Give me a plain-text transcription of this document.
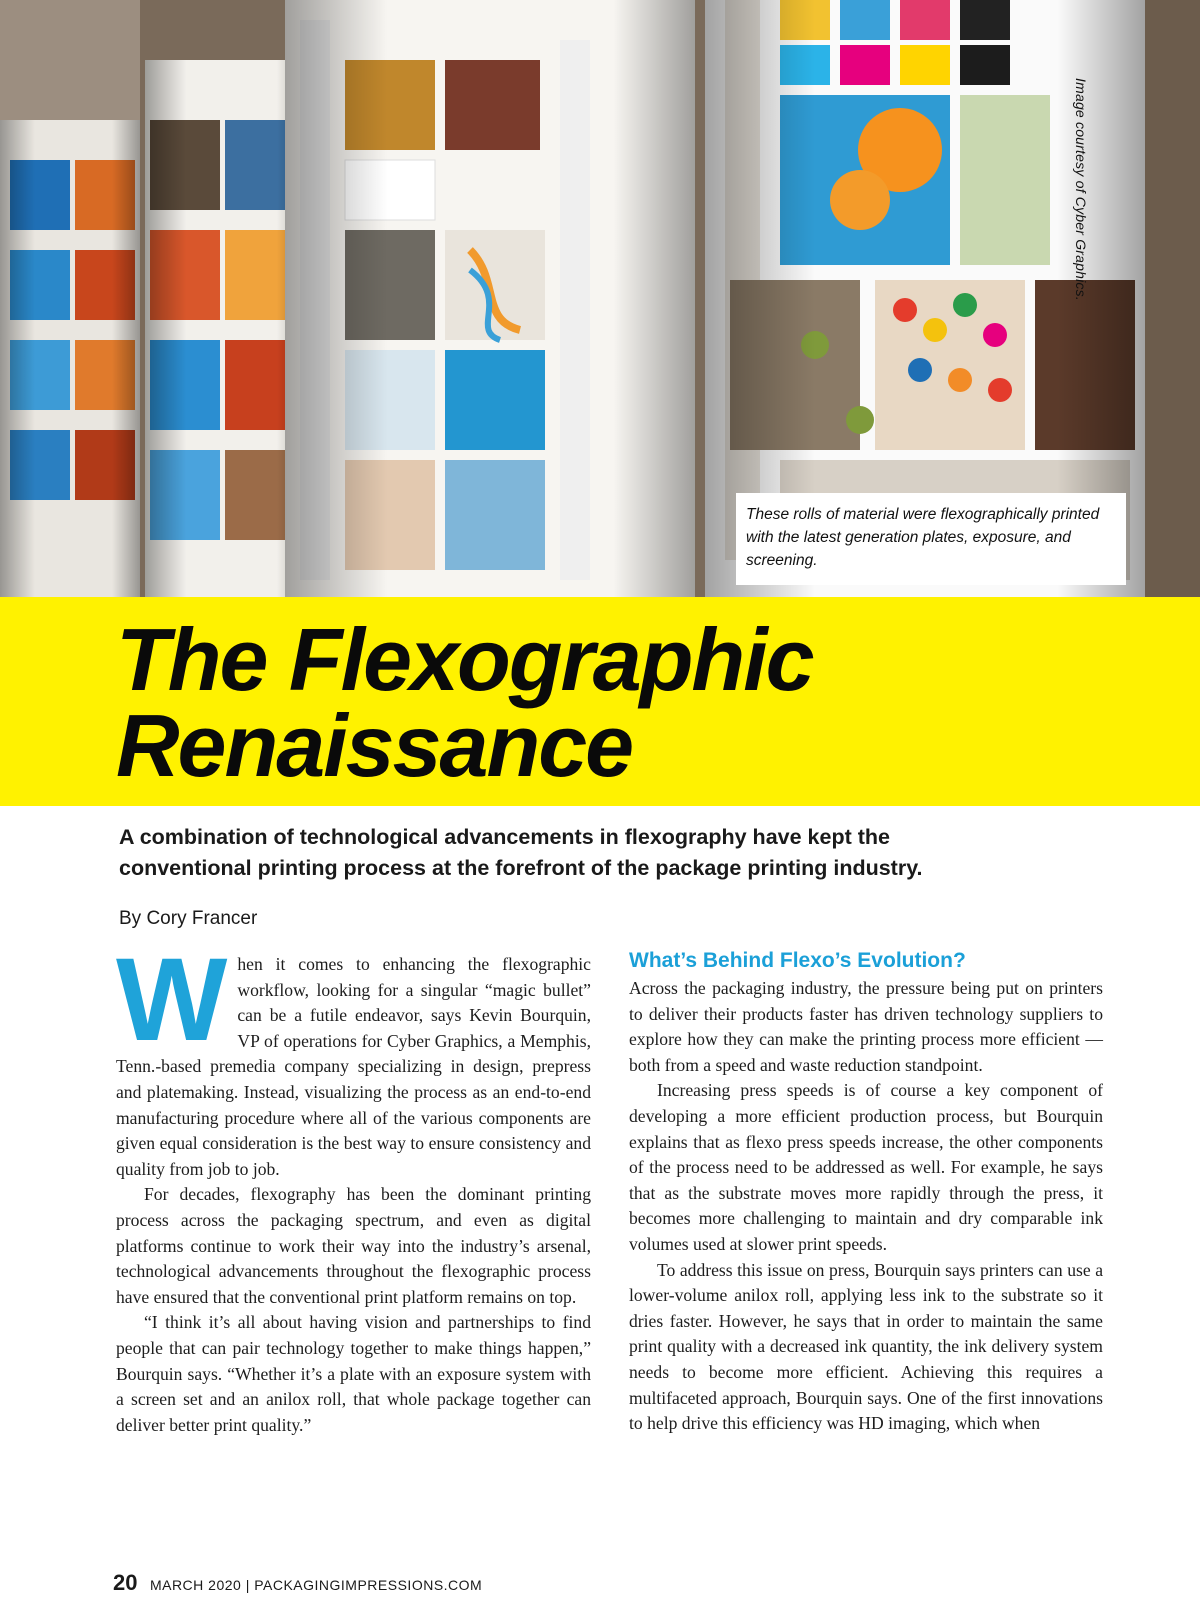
Image courtesy of Cyber Graphics.
These rolls of material were flexographically printed with the latest generation plates, exposure, and screening.
The Flexographic
Renaissance

A combination of technological advancements in flexography have kept the
conventional printing process at the forefront of the package printing industry.

By Cory Francer

When it comes to enhancing the flexographic workflow, looking for a singular “magic bullet” can be a futile endeavor, says Kevin Bourquin, VP of operations for Cyber Graphics, a Memphis, Tenn.-based premedia company specializing in design, prepress and platemaking. Instead, visualizing the process as an end-to-end manufacturing procedure where all of the various components are given equal consideration is the best way to ensure consistency and quality from job to job.

For decades, flexography has been the dominant printing process across the packaging spectrum, and even as digital platforms continue to work their way into the industry’s arsenal, technological advancements throughout the flexographic process have ensured that the conventional print platform remains on top.

“I think it’s all about having vision and partnerships to find people that can pair technology together to make things happen,” Bourquin says. “Whether it’s a plate with an exposure system with a screen set and an anilox roll, that whole package together can deliver better print quality.”

What’s Behind Flexo’s Evolution?

Across the packaging industry, the pressure being put on printers to deliver their products faster has driven technology suppliers to explore how they can make the printing process more efficient — both from a speed and waste reduction standpoint.

Increasing press speeds is of course a key component of developing a more efficient production process, but Bourquin explains that as flexo press speeds increase, the other components of the process need to be addressed as well. For example, he says that as the substrate moves more rapidly through the press, it becomes more challenging to maintain and dry comparable ink volumes used at slower print speeds.

To address this issue on press, Bourquin says printers can use a lower-volume anilox roll, applying less ink to the substrate so it dries faster. However, he says that in order to maintain the same print quality with a decreased ink quantity, the ink delivery system needs to become more efficient. Achieving this requires a multifaceted approach, Bourquin says. One of the first innovations to help drive this efficiency was HD imaging, which when

20 MARCH 2020 | PACKAGINGIMPRESSIONS.COM
